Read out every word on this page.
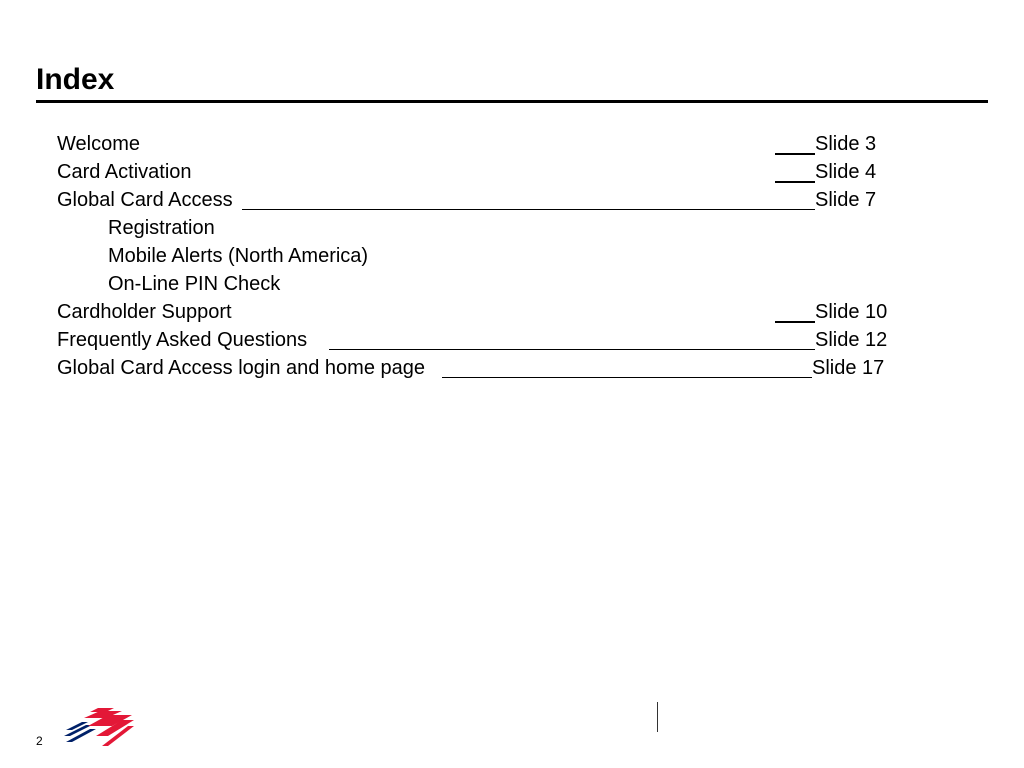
Index
Welcome	Slide 3
Card Activation	Slide 4
Global Card Access	Slide 7
Registration
Mobile Alerts (North America)
On-Line PIN Check
Cardholder Support	Slide 10
Frequently Asked Questions	Slide 12
Global Card Access login and home page	Slide 17
2
